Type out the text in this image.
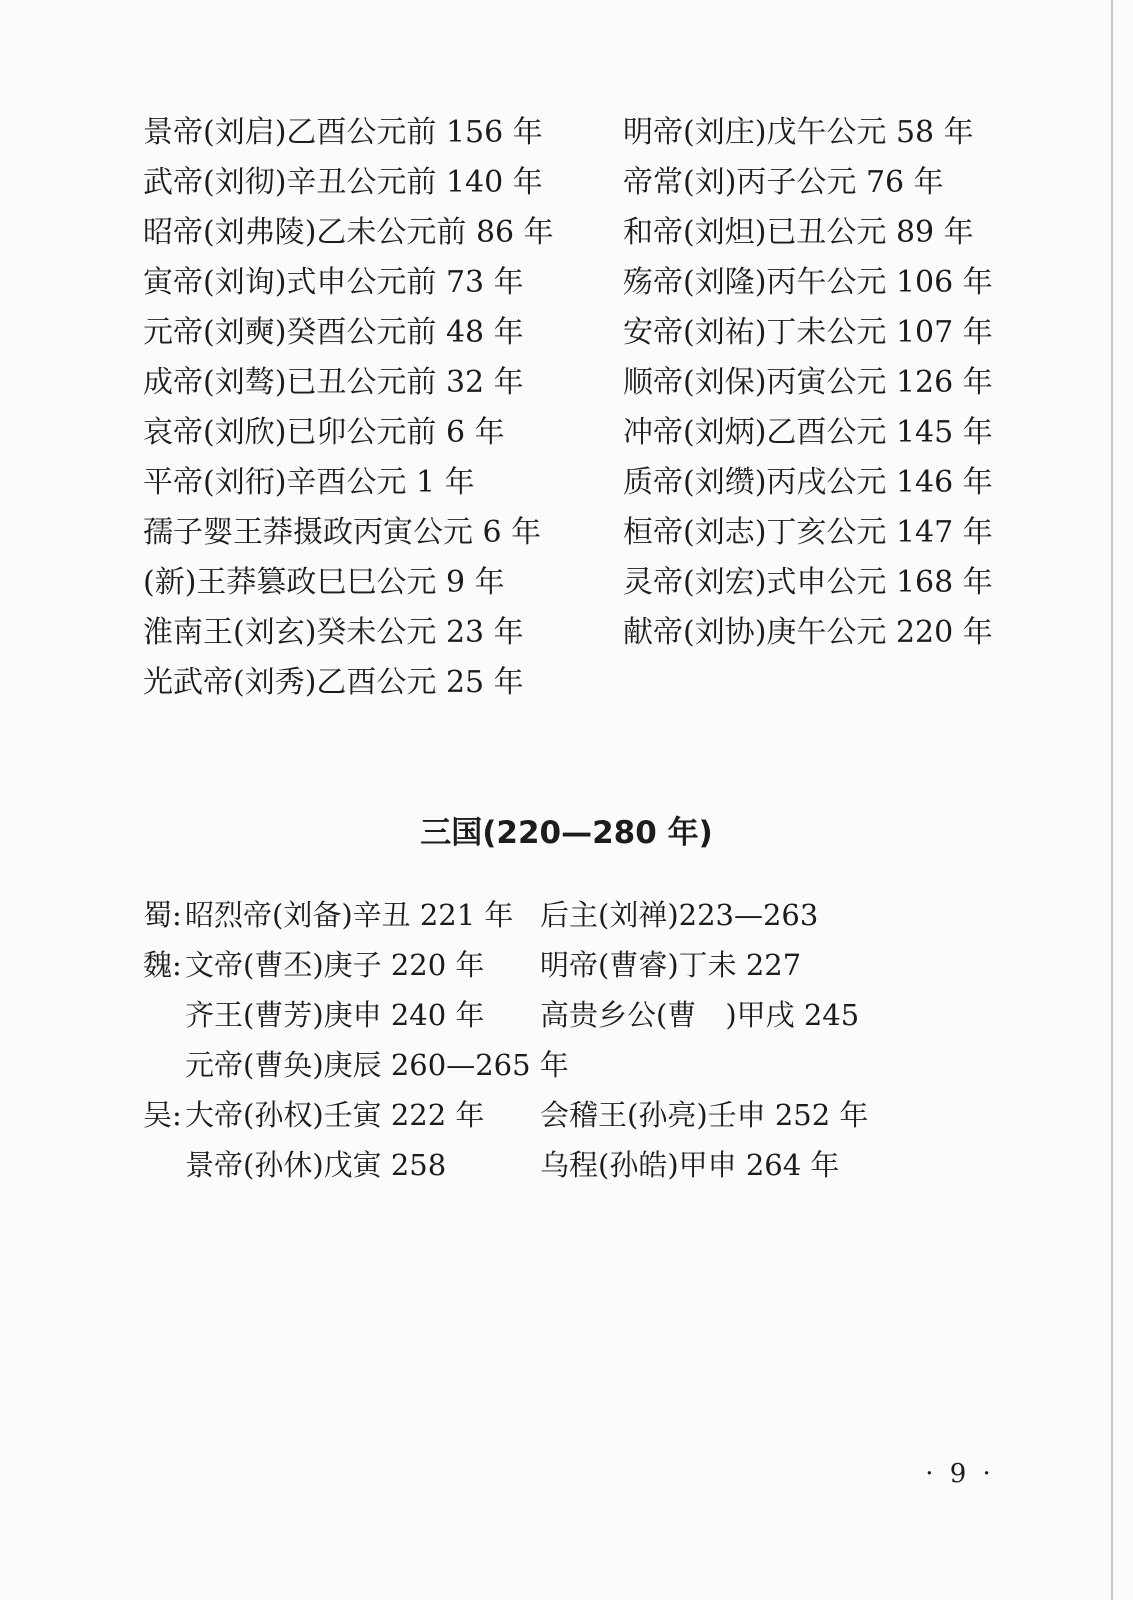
景帝(刘启)乙酉公元前 156 年
武帝(刘彻)辛丑公元前 140 年
昭帝(刘弗陵)乙未公元前 86 年
寅帝(刘询)式申公元前 73 年
元帝(刘奭)癸酉公元前 48 年
成帝(刘骜)已丑公元前 32 年
哀帝(刘欣)已卯公元前 6 年
平帝(刘衎)辛酉公元 1 年
孺子婴王莽摄政丙寅公元 6 年
(新)王莽篡政巳巳公元 9 年
淮南王(刘玄)癸未公元 23 年
光武帝(刘秀)乙酉公元 25 年
明帝(刘庄)戊午公元 58 年
帝常(刘)丙子公元 76 年
和帝(刘炟)已丑公元 89 年
殇帝(刘隆)丙午公元 106 年
安帝(刘祐)丁未公元 107 年
顺帝(刘保)丙寅公元 126 年
冲帝(刘炳)乙酉公元 145 年
质帝(刘缵)丙戌公元 146 年
桓帝(刘志)丁亥公元 147 年
灵帝(刘宏)式申公元 168 年
献帝(刘协)庚午公元 220 年
三国(220—280 年)
蜀: 昭烈帝(刘备)辛丑 221 年 后主(刘禅)223—263
魏: 文帝(曹丕)庚子 220 年 明帝(曹睿)丁未 227
齐王(曹芳)庚申 240 年 高贵乡公(曹　)甲戌 245
元帝(曹奂)庚辰 260—265 年
吴: 大帝(孙权)壬寅 222 年 会稽王(孙亮)壬申 252 年
景帝(孙休)戊寅 258	乌程(孙皓)甲申 264 年
· 9 ·
